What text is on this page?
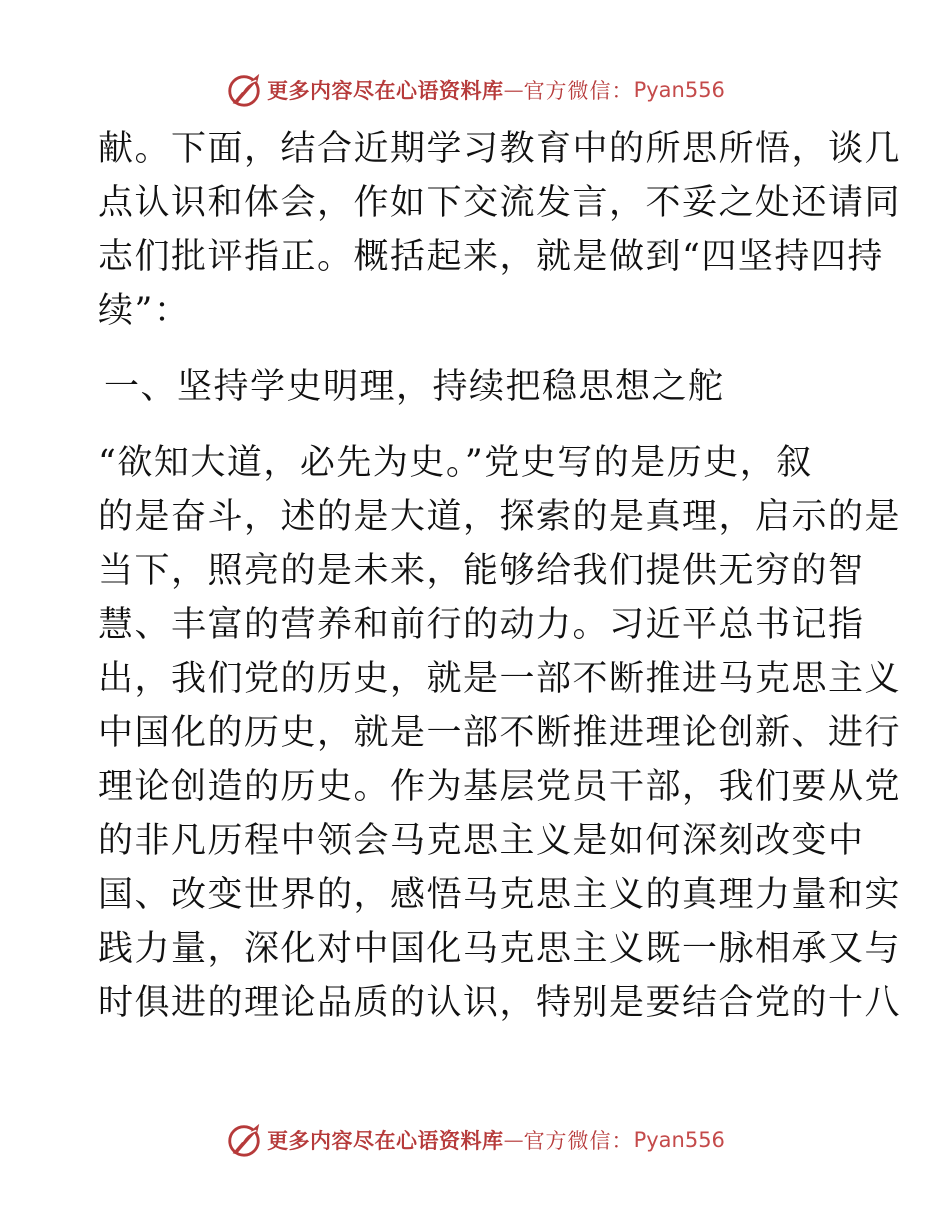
更多内容尽在心语资料库 — 官方微信： Pyan556
献。下面，结合近期学习教育中的所思所悟，谈几
点认识和体会，作如下交流发言，不妥之处还请同
志们批评指正。概括起来，就是做到“四坚持四持
续”：
一、坚持学史明理，持续把稳思想之舵
“欲知大道，必先为史。”党史写的是历史，叙
的是奋斗，述的是大道，探索的是真理，启示的是
当下，照亮的是未来，能够给我们提供无穷的智
慧、丰富的营养和前行的动力。习近平总书记指
出，我们党的历史，就是一部不断推进马克思主义
中国化的历史，就是一部不断推进理论创新、进行
理论创造的历史。作为基层党员干部，我们要从党
的非凡历程中领会马克思主义是如何深刻改变中
国、改变世界的，感悟马克思主义的真理力量和实
践力量，深化对中国化马克思主义既一脉相承又与
时俱进的理论品质的认识，特别是要结合党的十八
更多内容尽在心语资料库 — 官方微信： Pyan556
